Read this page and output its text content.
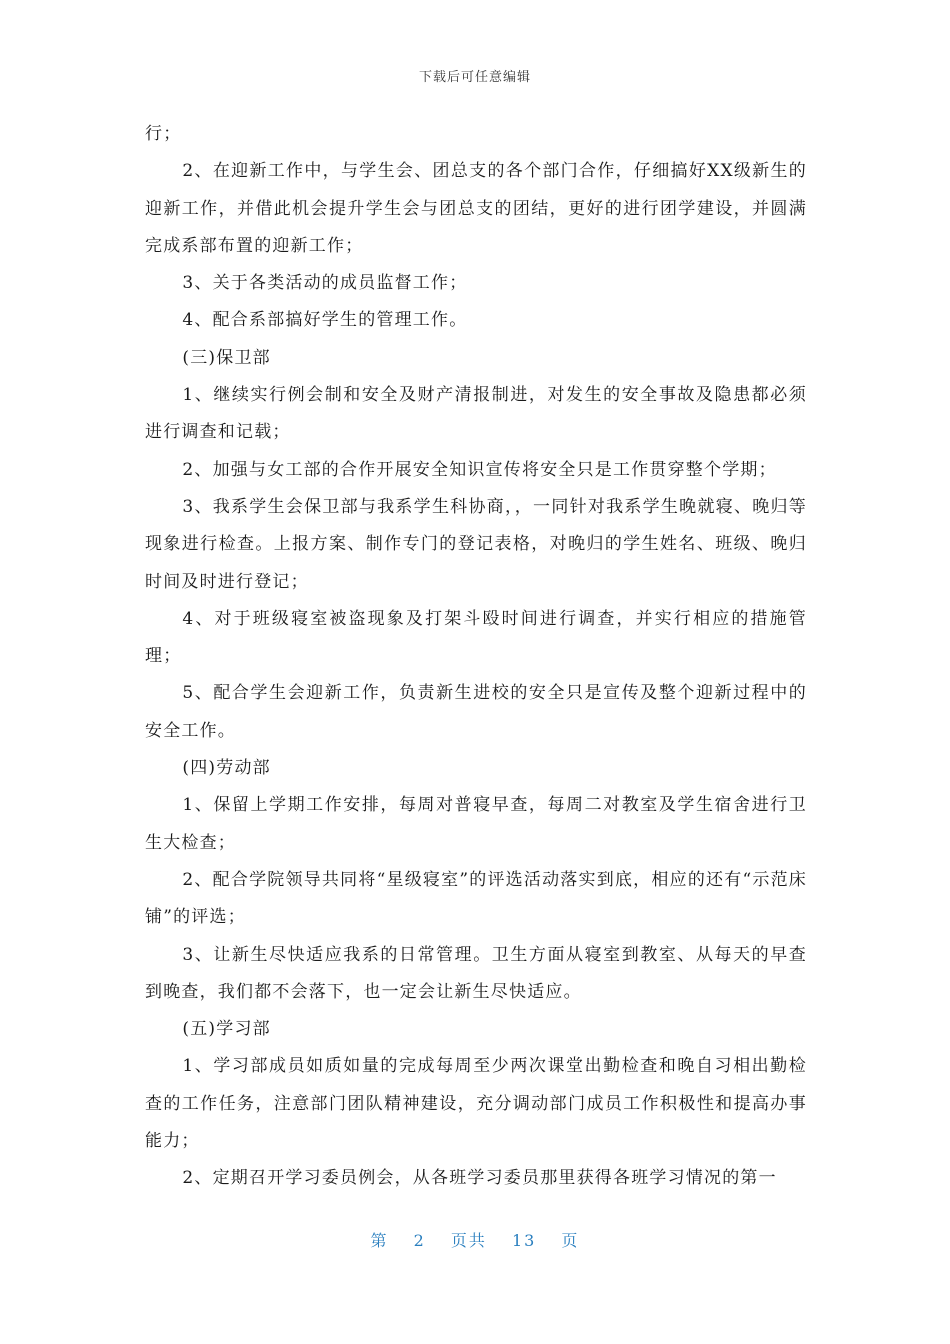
下载后可任意编辑

行；

2、在迎新工作中，与学生会、团总支的各个部门合作，仔细搞好XX级新生的迎新工作，并借此机会提升学生会与团总支的团结，更好的进行团学建设，并圆满完成系部布置的迎新工作；

3、关于各类活动的成员监督工作；

4、配合系部搞好学生的管理工作。

(三)保卫部

1、继续实行例会制和安全及财产清报制进，对发生的安全事故及隐患都必须进行调查和记载；

2、加强与女工部的合作开展安全知识宣传将安全只是工作贯穿整个学期；

3、我系学生会保卫部与我系学生科协商，，一同针对我系学生晚就寝、晚归等现象进行检查。上报方案、制作专门的登记表格，对晚归的学生姓名、班级、晚归时间及时进行登记；

4、对于班级寝室被盗现象及打架斗殴时间进行调查，并实行相应的措施管理；

5、配合学生会迎新工作，负责新生进校的安全只是宣传及整个迎新过程中的安全工作。

(四)劳动部

1、保留上学期工作安排，每周对普寝早查，每周二对教室及学生宿舍进行卫生大检查；

2、配合学院领导共同将“星级寝室”的评选活动落实到底，相应的还有“示范床铺”的评选；

3、让新生尽快适应我系的日常管理。卫生方面从寝室到教室、从每天的早查到晚查，我们都不会落下，也一定会让新生尽快适应。

(五)学习部

1、学习部成员如质如量的完成每周至少两次课堂出勤检查和晚自习相出勤检查的工作任务，注意部门团队精神建设，充分调动部门成员工作积极性和提高办事能力；

2、定期召开学习委员例会，从各班学习委员那里获得各班学习情况的第一

第 2 页共 13 页
